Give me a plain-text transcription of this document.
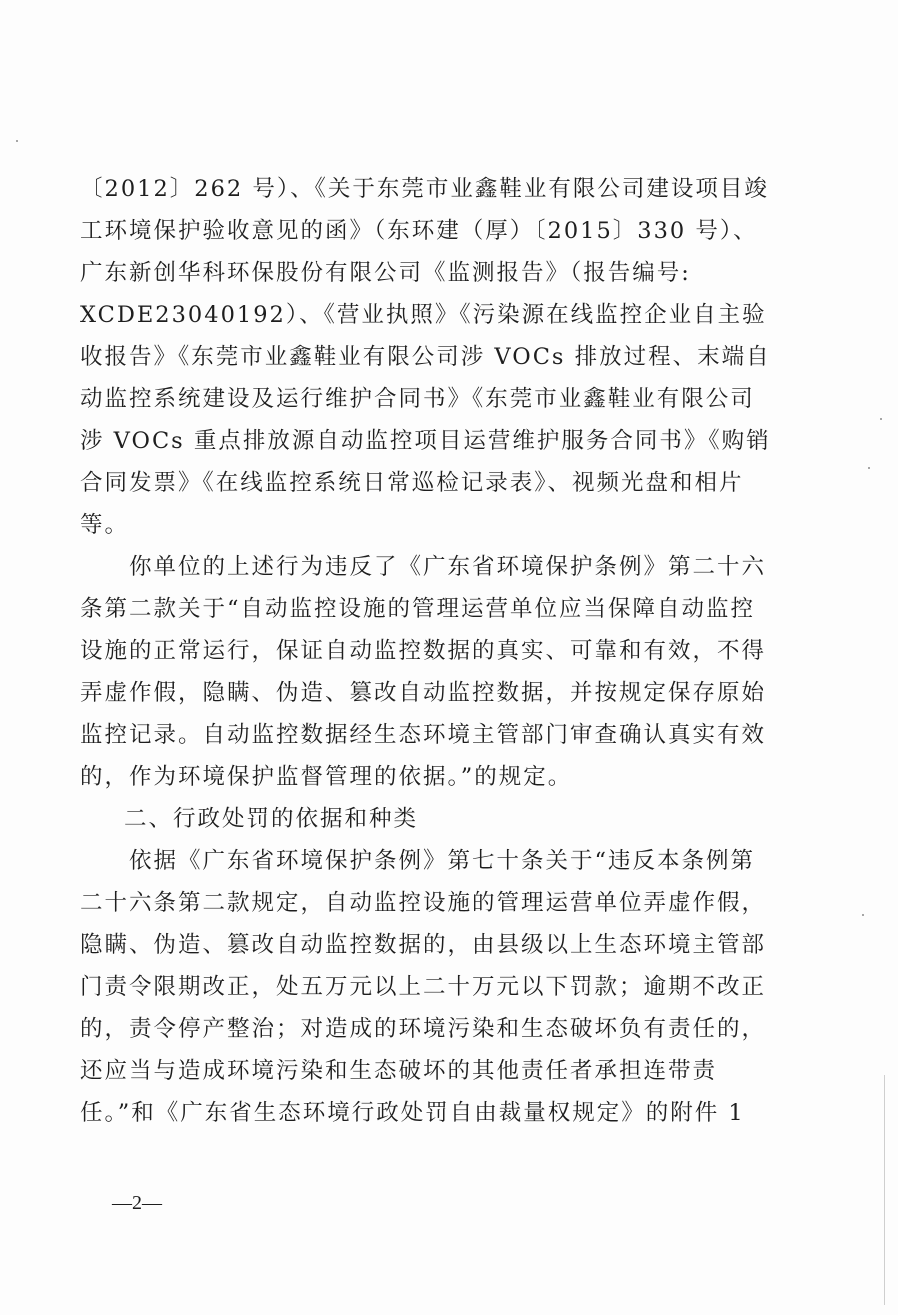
〔2012〕262 号）、《关于东莞市业鑫鞋业有限公司建设项目竣
工环境保护验收意见的函》（东环建（厚）〔2015〕330 号）、
广东新创华科环保股份有限公司《监测报告》（报告编号:
XCDE23040192）、《营业执照》《污染源在线监控企业自主验
收报告》《东莞市业鑫鞋业有限公司涉 VOCs 排放过程、末端自
动监控系统建设及运行维护合同书》《东莞市业鑫鞋业有限公司
涉 VOCs 重点排放源自动监控项目运营维护服务合同书》《购销
合同发票》《在线监控系统日常巡检记录表》、视频光盘和相片
等。
　　你单位的上述行为违反了《广东省环境保护条例》第二十六
条第二款关于“自动监控设施的管理运营单位应当保障自动监控
设施的正常运行，保证自动监控数据的真实、可靠和有效，不得
弄虚作假，隐瞒、伪造、篡改自动监控数据，并按规定保存原始
监控记录。自动监控数据经生态环境主管部门审查确认真实有效
的，作为环境保护监督管理的依据。”的规定。
二、行政处罚的依据和种类
　　依据《广东省环境保护条例》第七十条关于“违反本条例第
二十六条第二款规定，自动监控设施的管理运营单位弄虚作假，
隐瞒、伪造、篡改自动监控数据的，由县级以上生态环境主管部
门责令限期改正，处五万元以上二十万元以下罚款；逾期不改正
的，责令停产整治；对造成的环境污染和生态破坏负有责任的，
还应当与造成环境污染和生态破坏的其他责任者承担连带责
任。”和《广东省生态环境行政处罚自由裁量权规定》的附件 1
—2—
